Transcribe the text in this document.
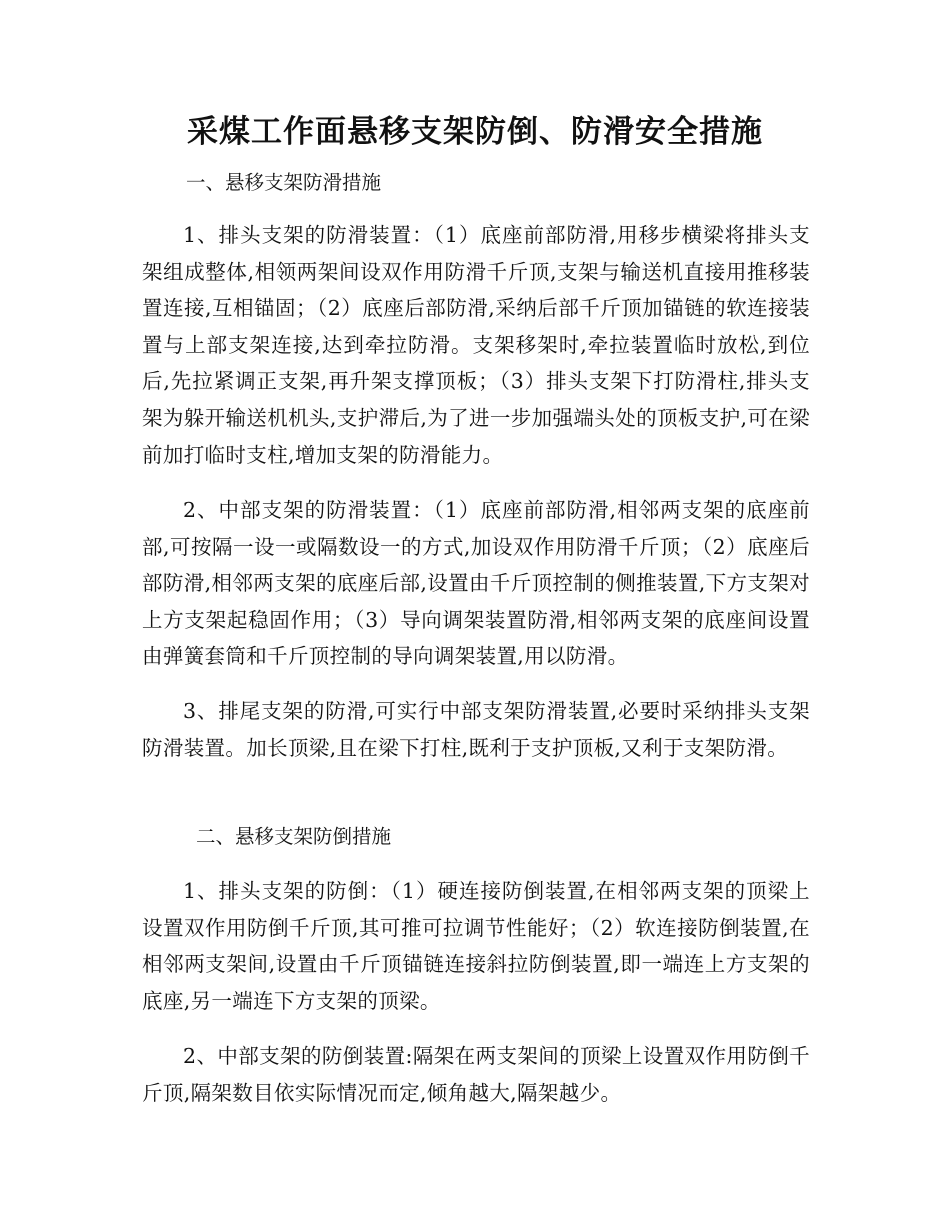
采煤工作面悬移支架防倒、防滑安全措施
一、悬移支架防滑措施
1、排头支架的防滑装置：（1）底座前部防滑,用移步横梁将排头支架组成整体,相领两架间设双作用防滑千斤顶,支架与输送机直接用推移装置连接,互相锚固；（2）底座后部防滑,采纳后部千斤顶加锚链的软连接装置与上部支架连接,达到牵拉防滑。支架移架时,牵拉装置临时放松,到位后,先拉紧调正支架,再升架支撑顶板；（3）排头支架下打防滑柱,排头支架为躲开输送机机头,支护滞后,为了进一步加强端头处的顶板支护,可在梁前加打临时支柱,增加支架的防滑能力。
2、中部支架的防滑装置：（1）底座前部防滑,相邻两支架的底座前部,可按隔一设一或隔数设一的方式,加设双作用防滑千斤顶；（2）底座后部防滑,相邻两支架的底座后部,设置由千斤顶控制的侧推装置,下方支架对上方支架起稳固作用；（3）导向调架装置防滑,相邻两支架的底座间设置由弹簧套筒和千斤顶控制的导向调架装置,用以防滑。
3、排尾支架的防滑,可实行中部支架防滑装置,必要时采纳排头支架防滑装置。加长顶梁,且在梁下打柱,既利于支护顶板,又利于支架防滑。
二、悬移支架防倒措施
1、排头支架的防倒：（1）硬连接防倒装置,在相邻两支架的顶梁上设置双作用防倒千斤顶,其可推可拉调节性能好；（2）软连接防倒装置,在相邻两支架间,设置由千斤顶锚链连接斜拉防倒装置,即一端连上方支架的底座,另一端连下方支架的顶梁。
2、中部支架的防倒装置:隔架在两支架间的顶梁上设置双作用防倒千斤顶,隔架数目依实际情况而定,倾角越大,隔架越少。
